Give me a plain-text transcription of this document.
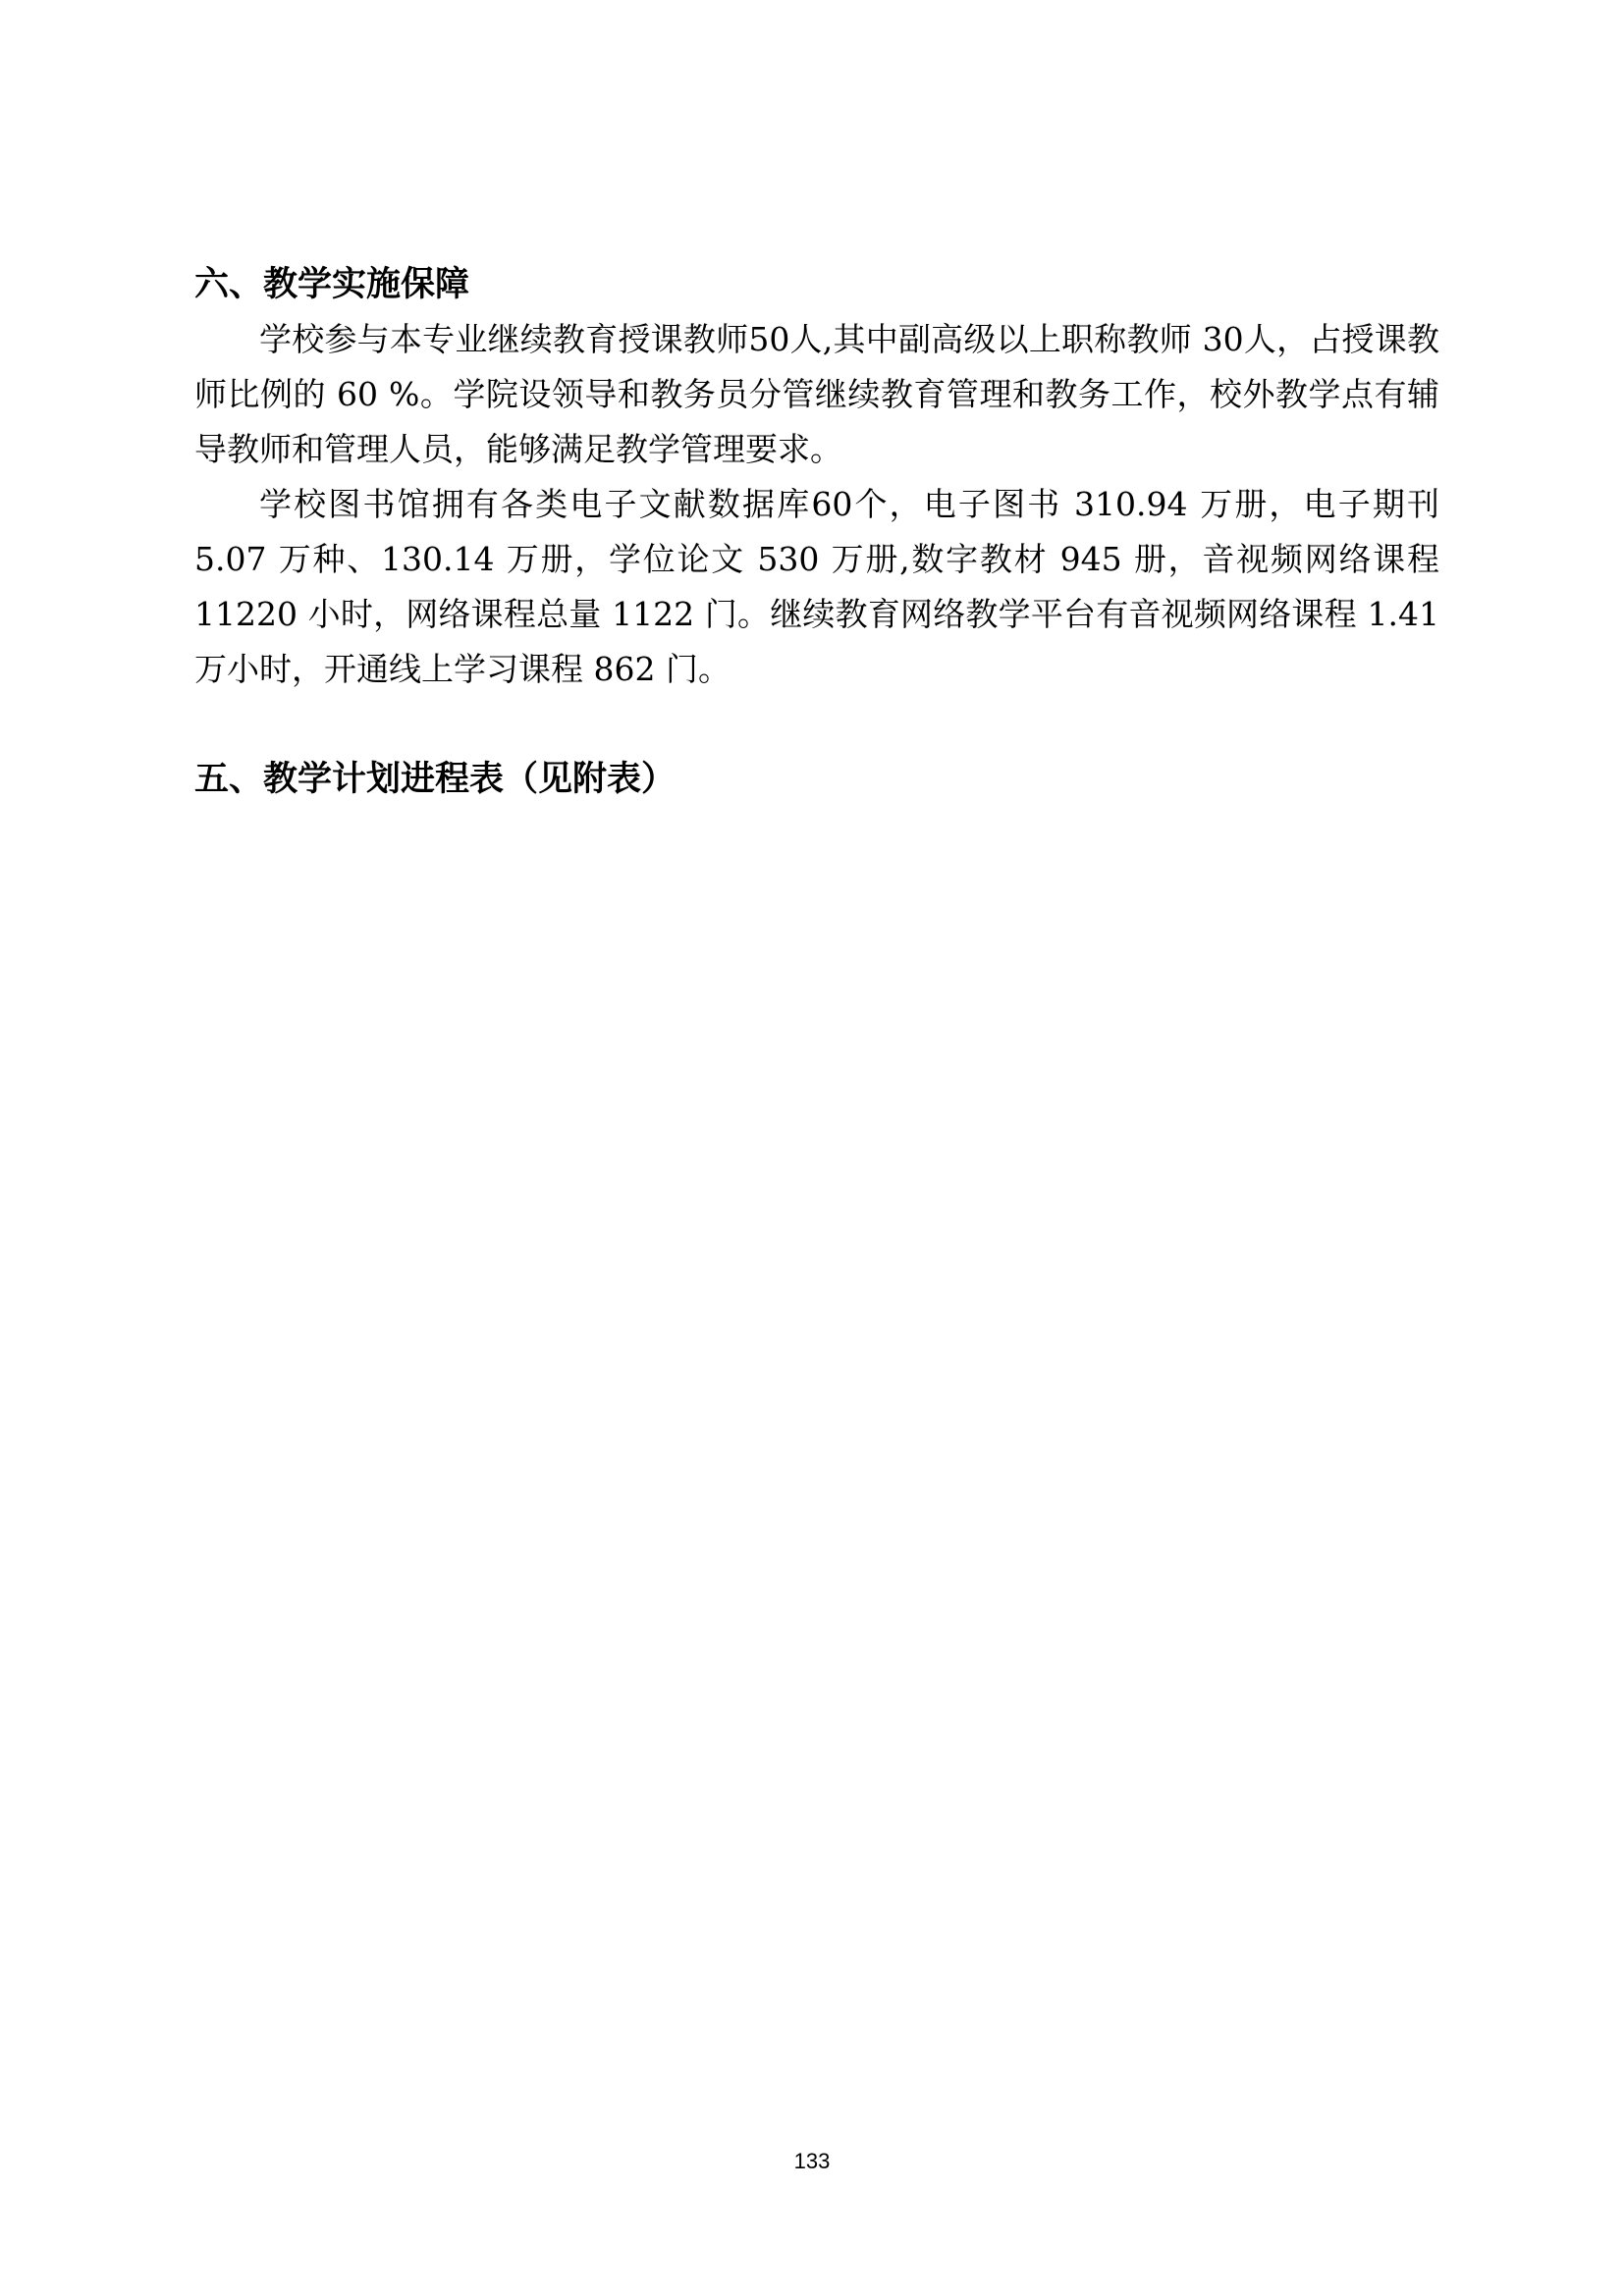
六、教学实施保障

学校参与本专业继续教育授课教师50人,其中副高级以上职称教师 30人，占授课教师比例的 60 %。学院设领导和教务员分管继续教育管理和教务工作，校外教学点有辅导教师和管理人员，能够满足教学管理要求。

学校图书馆拥有各类电子文献数据库60个，电子图书 310.94 万册，电子期刊 5.07 万种、130.14 万册，学位论文 530 万册,数字教材 945 册，音视频网络课程 11220 小时，网络课程总量 1122 门。继续教育网络教学平台有音视频网络课程 1.41 万小时，开通线上学习课程 862 门。

五、教学计划进程表（见附表）
133
